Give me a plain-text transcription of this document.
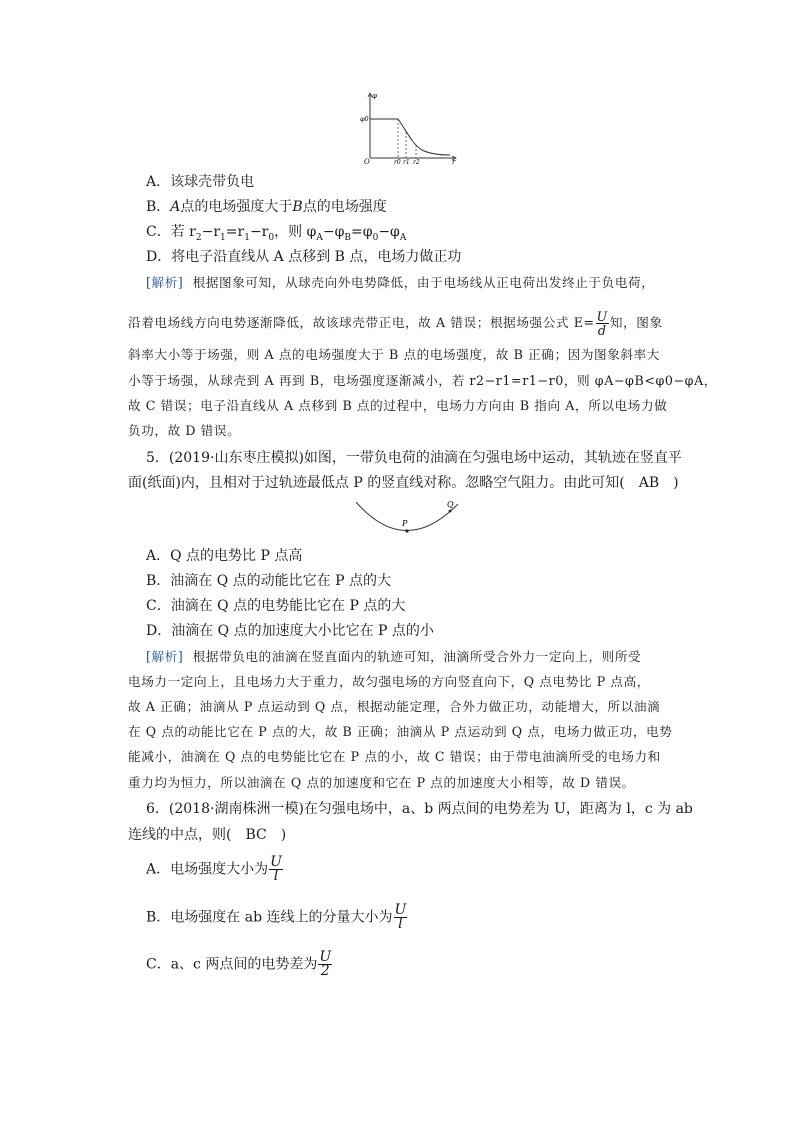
φ
φ0
O	r0 r1 r2	r
A．该球壳带负电
B．A点的电场强度大于B点的电场强度
C．若 $r_2-r_1=r_1-r_0$，则 $\varphi_A-\varphi_B=\varphi_0-\varphi_A$
D．将电子沿直线从 A 点移到 B 点，电场力做正功
[解析] 根据图象可知，从球壳向外电势降低，由于电场线从正电荷出发终止于负电荷，
沿着电场线方向电势逐渐降低，故该球壳带正电，故 A 错误；根据场强公式 $E= \frac{U}{d}$ 知，图象
斜率大小等于场强，则 A 点的电场强度大于 B 点的电场强度，故 B 正确；因为图象斜率大
小等于场强，从球壳到 A 再到 B，电场强度逐渐减小，若 r2−r1=r1−r0，则 φA−φB<φ0−φA，
故 C 错误；电子沿直线从 A 点移到 B 点的过程中，电场力方向由 B 指向 A，所以电场力做
负功，故 D 错误。
5．(2019·山东枣庄模拟)如图，一带负电荷的油滴在匀强电场中运动，其轨迹在竖直平
面(纸面)内，且相对于过轨迹最低点 P 的竖直线对称。忽略空气阻力。由此可知(　AB　)
P
Q
A．Q 点的电势比 P 点高
B．油滴在 Q 点的动能比它在 P 点的大
C．油滴在 Q 点的电势能比它在 P 点的大
D．油滴在 Q 点的加速度大小比它在 P 点的小
[解析] 根据带负电的油滴在竖直面内的轨迹可知，油滴所受合外力一定向上，则所受
电场力一定向上，且电场力大于重力，故匀强电场的方向竖直向下，Q 点电势比 P 点高，
故 A 正确；油滴从 P 点运动到 Q 点，根据动能定理，合外力做正功，动能增大，所以油滴
在 Q 点的动能比它在 P 点的大，故 B 正确；油滴从 P 点运动到 Q 点，电场力做正功，电势
能减小，油滴在 Q 点的电势能比它在 P 点的小，故 C 错误；由于带电油滴所受的电场力和
重力均为恒力，所以油滴在 Q 点的加速度和它在 P 点的加速度大小相等，故 D 错误。
6．(2018·湖南株洲一模)在匀强电场中，a、b 两点间的电势差为 U，距离为 l，c 为 ab
连线的中点，则(　BC　)
A．电场强度大小为 $\frac{U}{l}$
B．电场强度在 ab 连线上的分量大小为 $\frac{U}{l}$
C．a、c 两点间的电势差为 $\frac{U}{2}$
